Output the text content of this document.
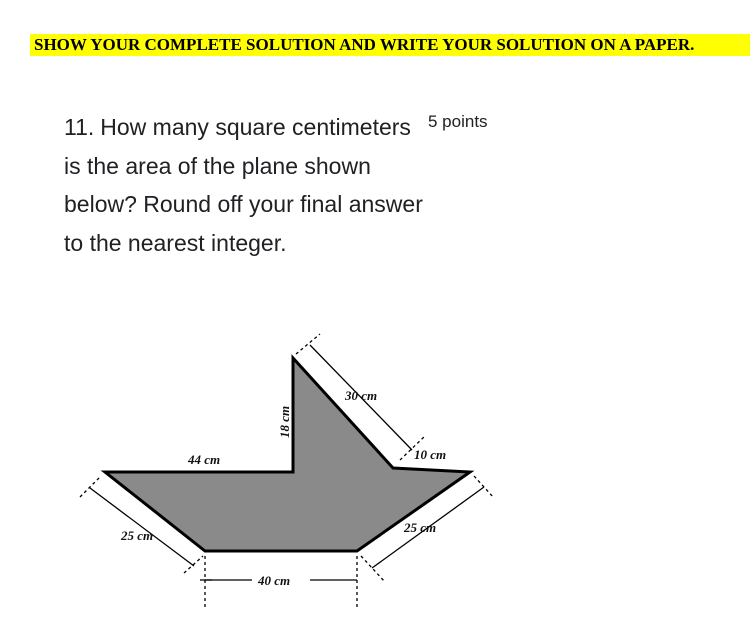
SHOW YOUR COMPLETE SOLUTION AND WRITE YOUR SOLUTION ON A PAPER.
11. How many square centimeters is the area of the plane shown below? Round off your final answer to the nearest integer.
5 points
30 cm
18 cm
44 cm	10 cm
25 cm
25 cm
40 cm
